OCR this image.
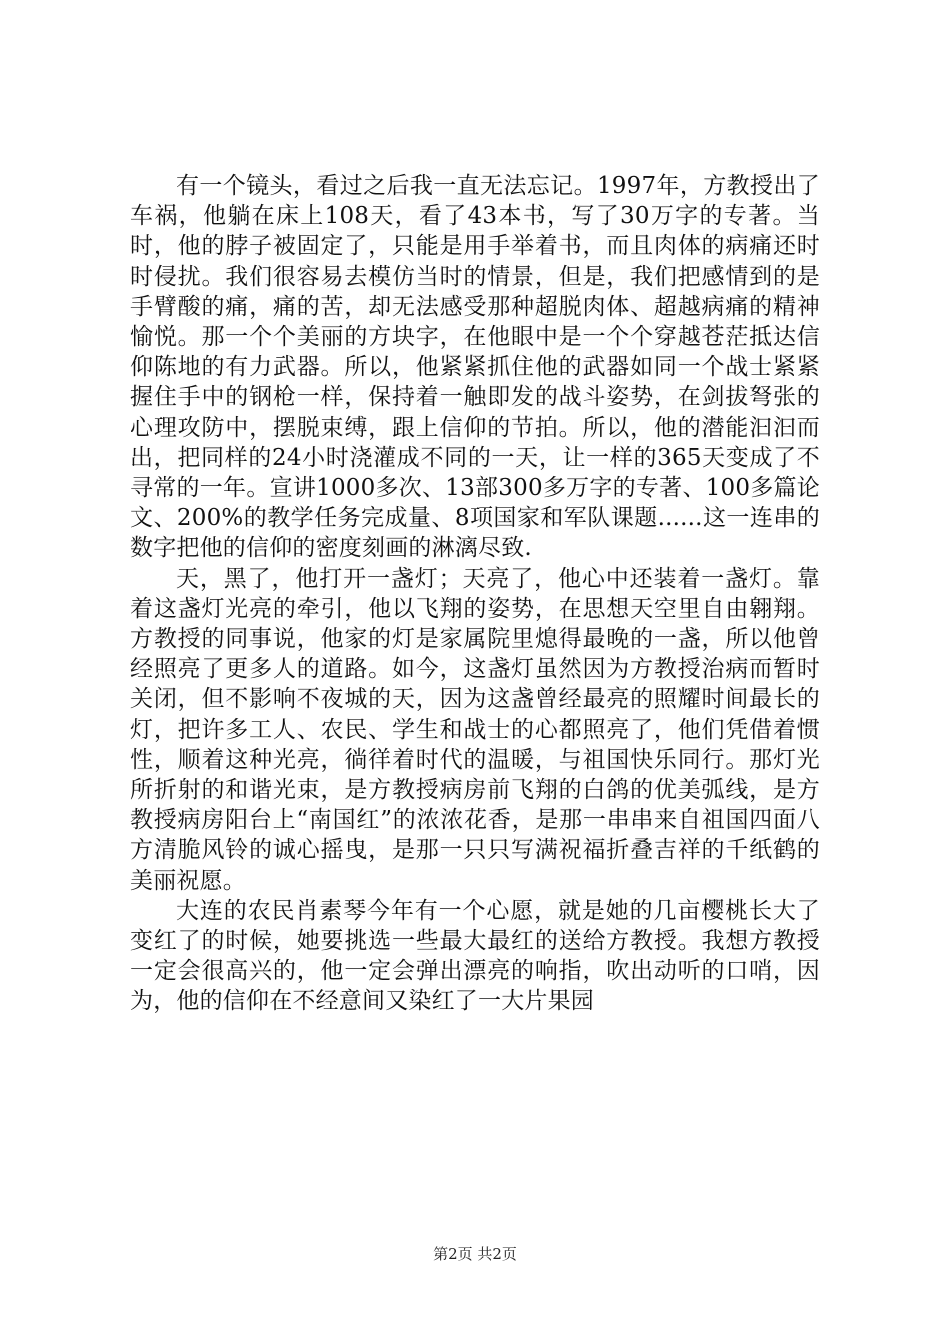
有一个镜头，看过之后我一直无法忘记。1997年，方教授出了车祸，他躺在床上108天，看了43本书，写了30万字的专著。当时，他的脖子被固定了，只能是用手举着书，而且肉体的病痛还时时侵扰。我们很容易去模仿当时的情景，但是，我们把感情到的是手臂酸的痛，痛的苦，却无法感受那种超脱肉体、超越病痛的精神愉悦。那一个个美丽的方块字，在他眼中是一个个穿越苍茫抵达信仰陈地的有力武器。所以，他紧紧抓住他的武器如同一个战士紧紧握住手中的钢枪一样，保持着一触即发的战斗姿势，在剑拔弩张的心理攻防中，摆脱束缚，跟上信仰的节拍。所以，他的潜能汩汩而出，把同样的24小时浇灌成不同的一天，让一样的365天变成了不寻常的一年。宣讲1000多次、13部300多万字的专著、100多篇论文、200%的教学任务完成量、8项国家和军队课题......这一连串的数字把他的信仰的密度刻画的淋漓尽致.

天，黑了，他打开一盏灯；天亮了，他心中还装着一盏灯。靠着这盏灯光亮的牵引，他以飞翔的姿势，在思想天空里自由翱翔。方教授的同事说，他家的灯是家属院里熄得最晚的一盏，所以他曾经照亮了更多人的道路。如今，这盏灯虽然因为方教授治病而暂时关闭，但不影响不夜城的天，因为这盏曾经最亮的照耀时间最长的灯，把许多工人、农民、学生和战士的心都照亮了，他们凭借着惯性，顺着这种光亮，徜徉着时代的温暖，与祖国快乐同行。那灯光所折射的和谐光束，是方教授病房前飞翔的白鸽的优美弧线，是方教授病房阳台上“南国红”的浓浓花香，是那一串串来自祖国四面八方清脆风铃的诚心摇曳，是那一只只写满祝福折叠吉祥的千纸鹤的美丽祝愿。

大连的农民肖素琴今年有一个心愿，就是她的几亩樱桃长大了变红了的时候，她要挑选一些最大最红的送给方教授。我想方教授一定会很高兴的，他一定会弹出漂亮的响指，吹出动听的口哨，因为，他的信仰在不经意间又染红了一大片果园

第2页 共2页
